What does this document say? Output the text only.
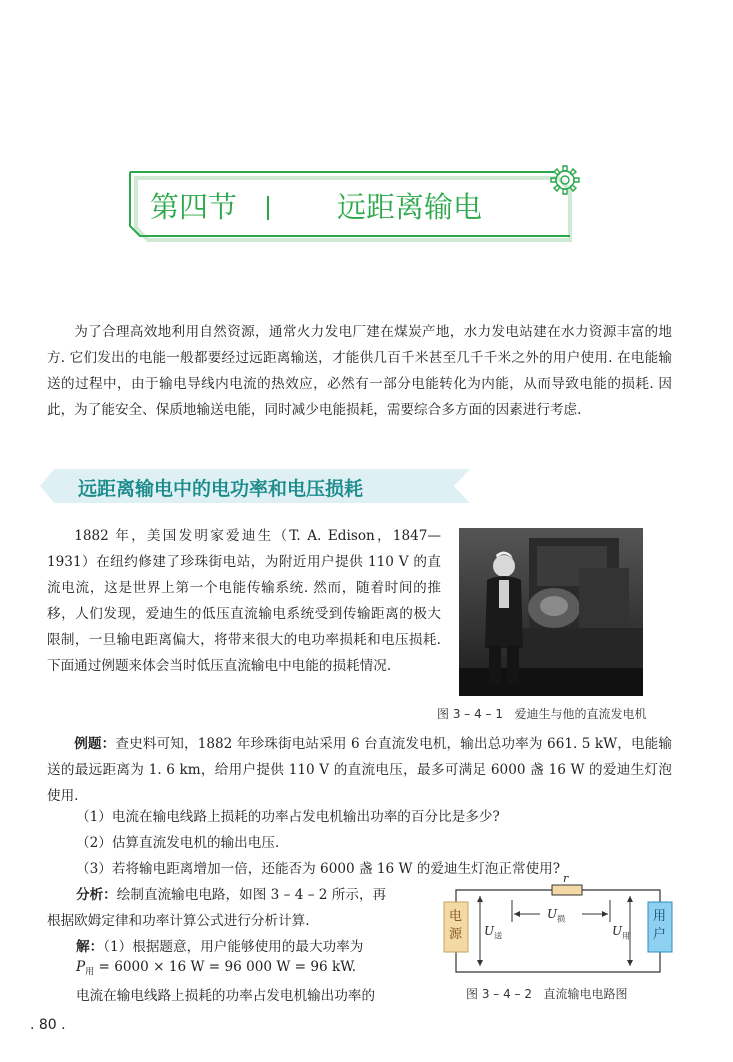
第四节	远距离输电

为了合理高效地利用自然资源，通常火力发电厂建在煤炭产地，水力发电站建在水力资源丰富的地方. 它们发出的电能一般都要经过远距离输送，才能供几百千米甚至几千千米之外的用户使用. 在电能输送的过程中，由于输电导线内电流的热效应，必然有一部分电能转化为内能，从而导致电能的损耗. 因此，为了能安全、保质地输送电能，同时减少电能损耗，需要综合多方面的因素进行考虑.

远距离输电中的电功率和电压损耗

1882 年，美国发明家爱迪生（T. A. Edison，1847—1931）在纽约修建了珍珠街电站，为附近用户提供 110 V 的直流电流，这是世界上第一个电能传输系统. 然而，随着时间的推移，人们发现，爱迪生的低压直流输电系统受到传输距离的极大限制，一旦输电距离偏大，将带来很大的电功率损耗和电压损耗. 下面通过例题来体会当时低压直流输电中电能的损耗情况.

图 3 – 4 – 1 爱迪生与他的直流发电机

例题：查史料可知，1882 年珍珠街电站采用 6 台直流发电机，输出总功率为 661. 5 kW，电能输送的最远距离为 1. 6 km，给用户提供 110 V 的直流电压，最多可满足 6000 盏 16 W 的爱迪生灯泡使用.

（1）电流在输电线路上损耗的功率占发电机输出功率的百分比是多少?
（2）估算直流发电机的输出电压.
（3）若将输电距离增加一倍，还能否为 6000 盏 16 W 的爱迪生灯泡正常使用?
分析：绘制直流输电电路，如图 3 – 4 – 2 所示，再
根据欧姆定律和功率计算公式进行分析计算.
解：（1）根据题意，用户能够使用的最大功率为
$P_用 = 6000 \times 16$ W = 96 000 W = 96 kW.
电流在输电线路上损耗的功率占发电机输出功率的
电源
用户
r
$U_损$
$U_送$	$U_用$
图 3 – 4 – 2 直流输电电路图
. 80 .
